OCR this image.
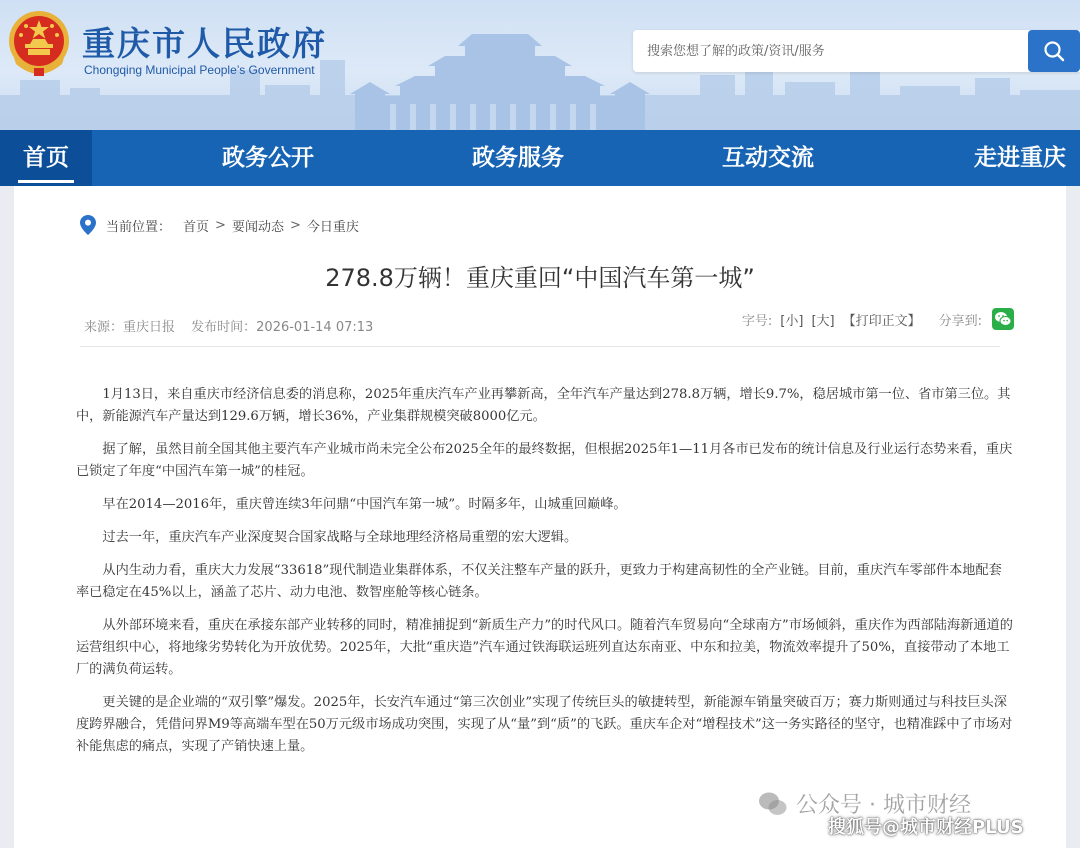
重庆市人民政府
Chongqing Municipal People’s Government
搜索您想了解的政策/资讯/服务
首页	政务公开	政务服务	互动交流	走进重庆
当前位置： 首页 > 要闻动态 > 今日重庆
278.8万辆！重庆重回“中国汽车第一城”
来源：重庆日报 发布时间：2026-01-14 07:13	字号: [小] [大] 【打印正文】 分享到:

1月13日，来自重庆市经济信息委的消息称，2025年重庆汽车产业再攀新高，全年汽车产量达到278.8万辆，增长9.7%，稳居城市第一位、省市第三位。其中，新能源汽车产量达到129.6万辆，增长36%，产业集群规模突破8000亿元。

据了解，虽然目前全国其他主要汽车产业城市尚未完全公布2025全年的最终数据，但根据2025年1—11月各市已发布的统计信息及行业运行态势来看，重庆已锁定了年度“中国汽车第一城”的桂冠。

早在2014—2016年，重庆曾连续3年问鼎“中国汽车第一城”。时隔多年，山城重回巅峰。

过去一年，重庆汽车产业深度契合国家战略与全球地理经济格局重塑的宏大逻辑。

从内生动力看，重庆大力发展“33618”现代制造业集群体系，不仅关注整车产量的跃升，更致力于构建高韧性的全产业链。目前，重庆汽车零部件本地配套率已稳定在45%以上，涵盖了芯片、动力电池、数智座舱等核心链条。

从外部环境来看，重庆在承接东部产业转移的同时，精准捕捉到“新质生产力”的时代风口。随着汽车贸易向“全球南方”市场倾斜，重庆作为西部陆海新通道的运营组织中心，将地缘劣势转化为开放优势。2025年，大批“重庆造”汽车通过铁海联运班列直达东南亚、中东和拉美，物流效率提升了50%，直接带动了本地工厂的满负荷运转。

更关键的是企业端的“双引擎”爆发。2025年，长安汽车通过“第三次创业”实现了传统巨头的敏捷转型，新能源车销量突破百万；赛力斯则通过与科技巨头深度跨界融合，凭借问界M9等高端车型在50万元级市场成功突围，实现了从“量”到“质”的飞跃。重庆车企对“增程技术”这一务实路径的坚守，也精准踩中了市场对补能焦虑的痛点，实现了产销快速上量。

公众号 · 城市财经
搜狐号@城市财经PLUS
